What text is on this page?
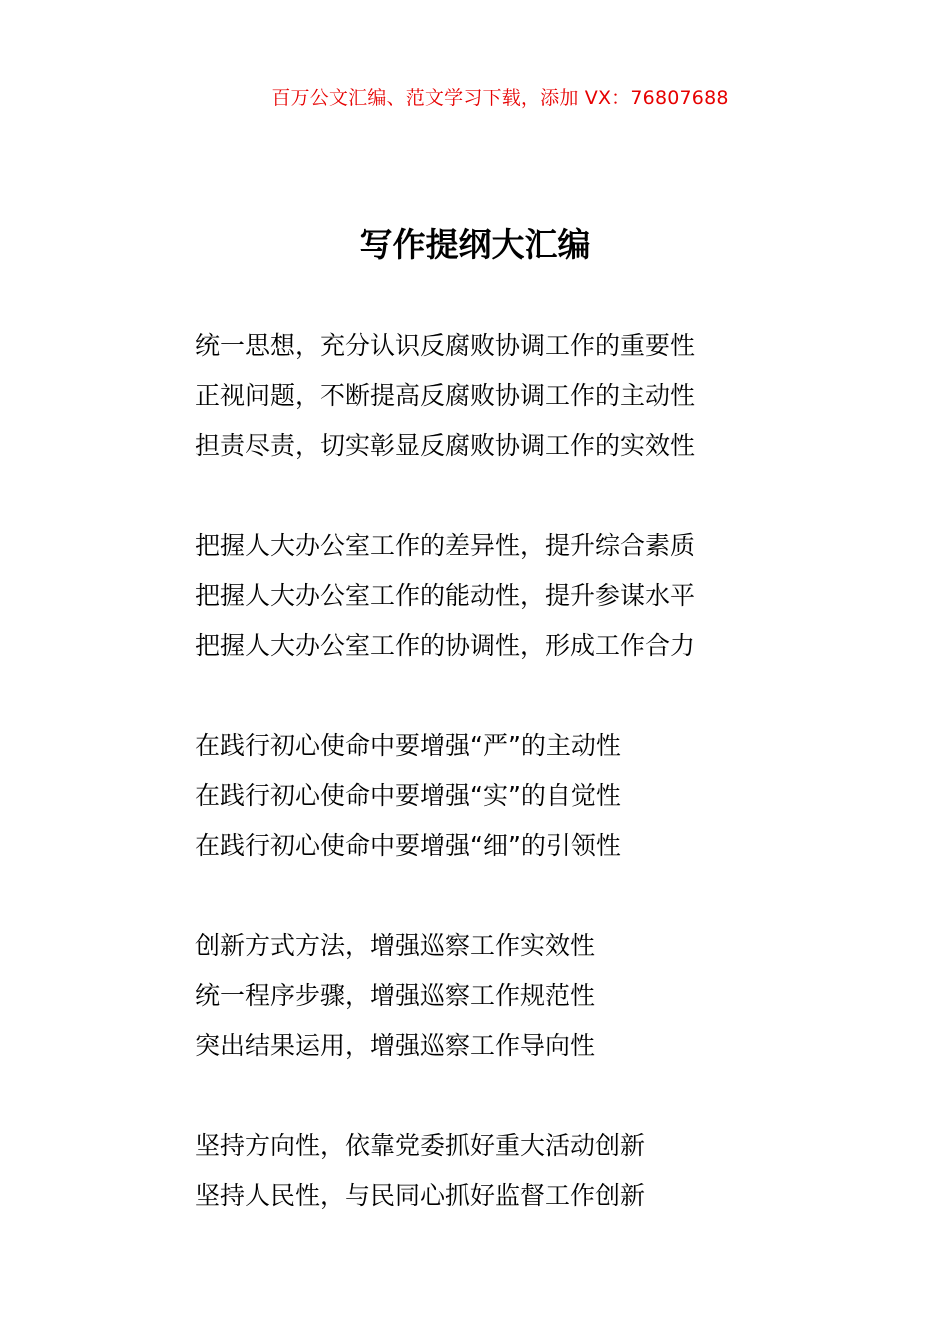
百万公文汇编、范文学习下载，添加 VX：76807688
写作提纲大汇编
统一思想，充分认识反腐败协调工作的重要性
正视问题，不断提高反腐败协调工作的主动性
担责尽责，切实彰显反腐败协调工作的实效性
把握人大办公室工作的差异性，提升综合素质
把握人大办公室工作的能动性，提升参谋水平
把握人大办公室工作的协调性，形成工作合力
在践行初心使命中要增强“严”的主动性
在践行初心使命中要增强“实”的自觉性
在践行初心使命中要增强“细”的引领性
创新方式方法，增强巡察工作实效性
统一程序步骤，增强巡察工作规范性
突出结果运用，增强巡察工作导向性
坚持方向性，依靠党委抓好重大活动创新
坚持人民性，与民同心抓好监督工作创新
